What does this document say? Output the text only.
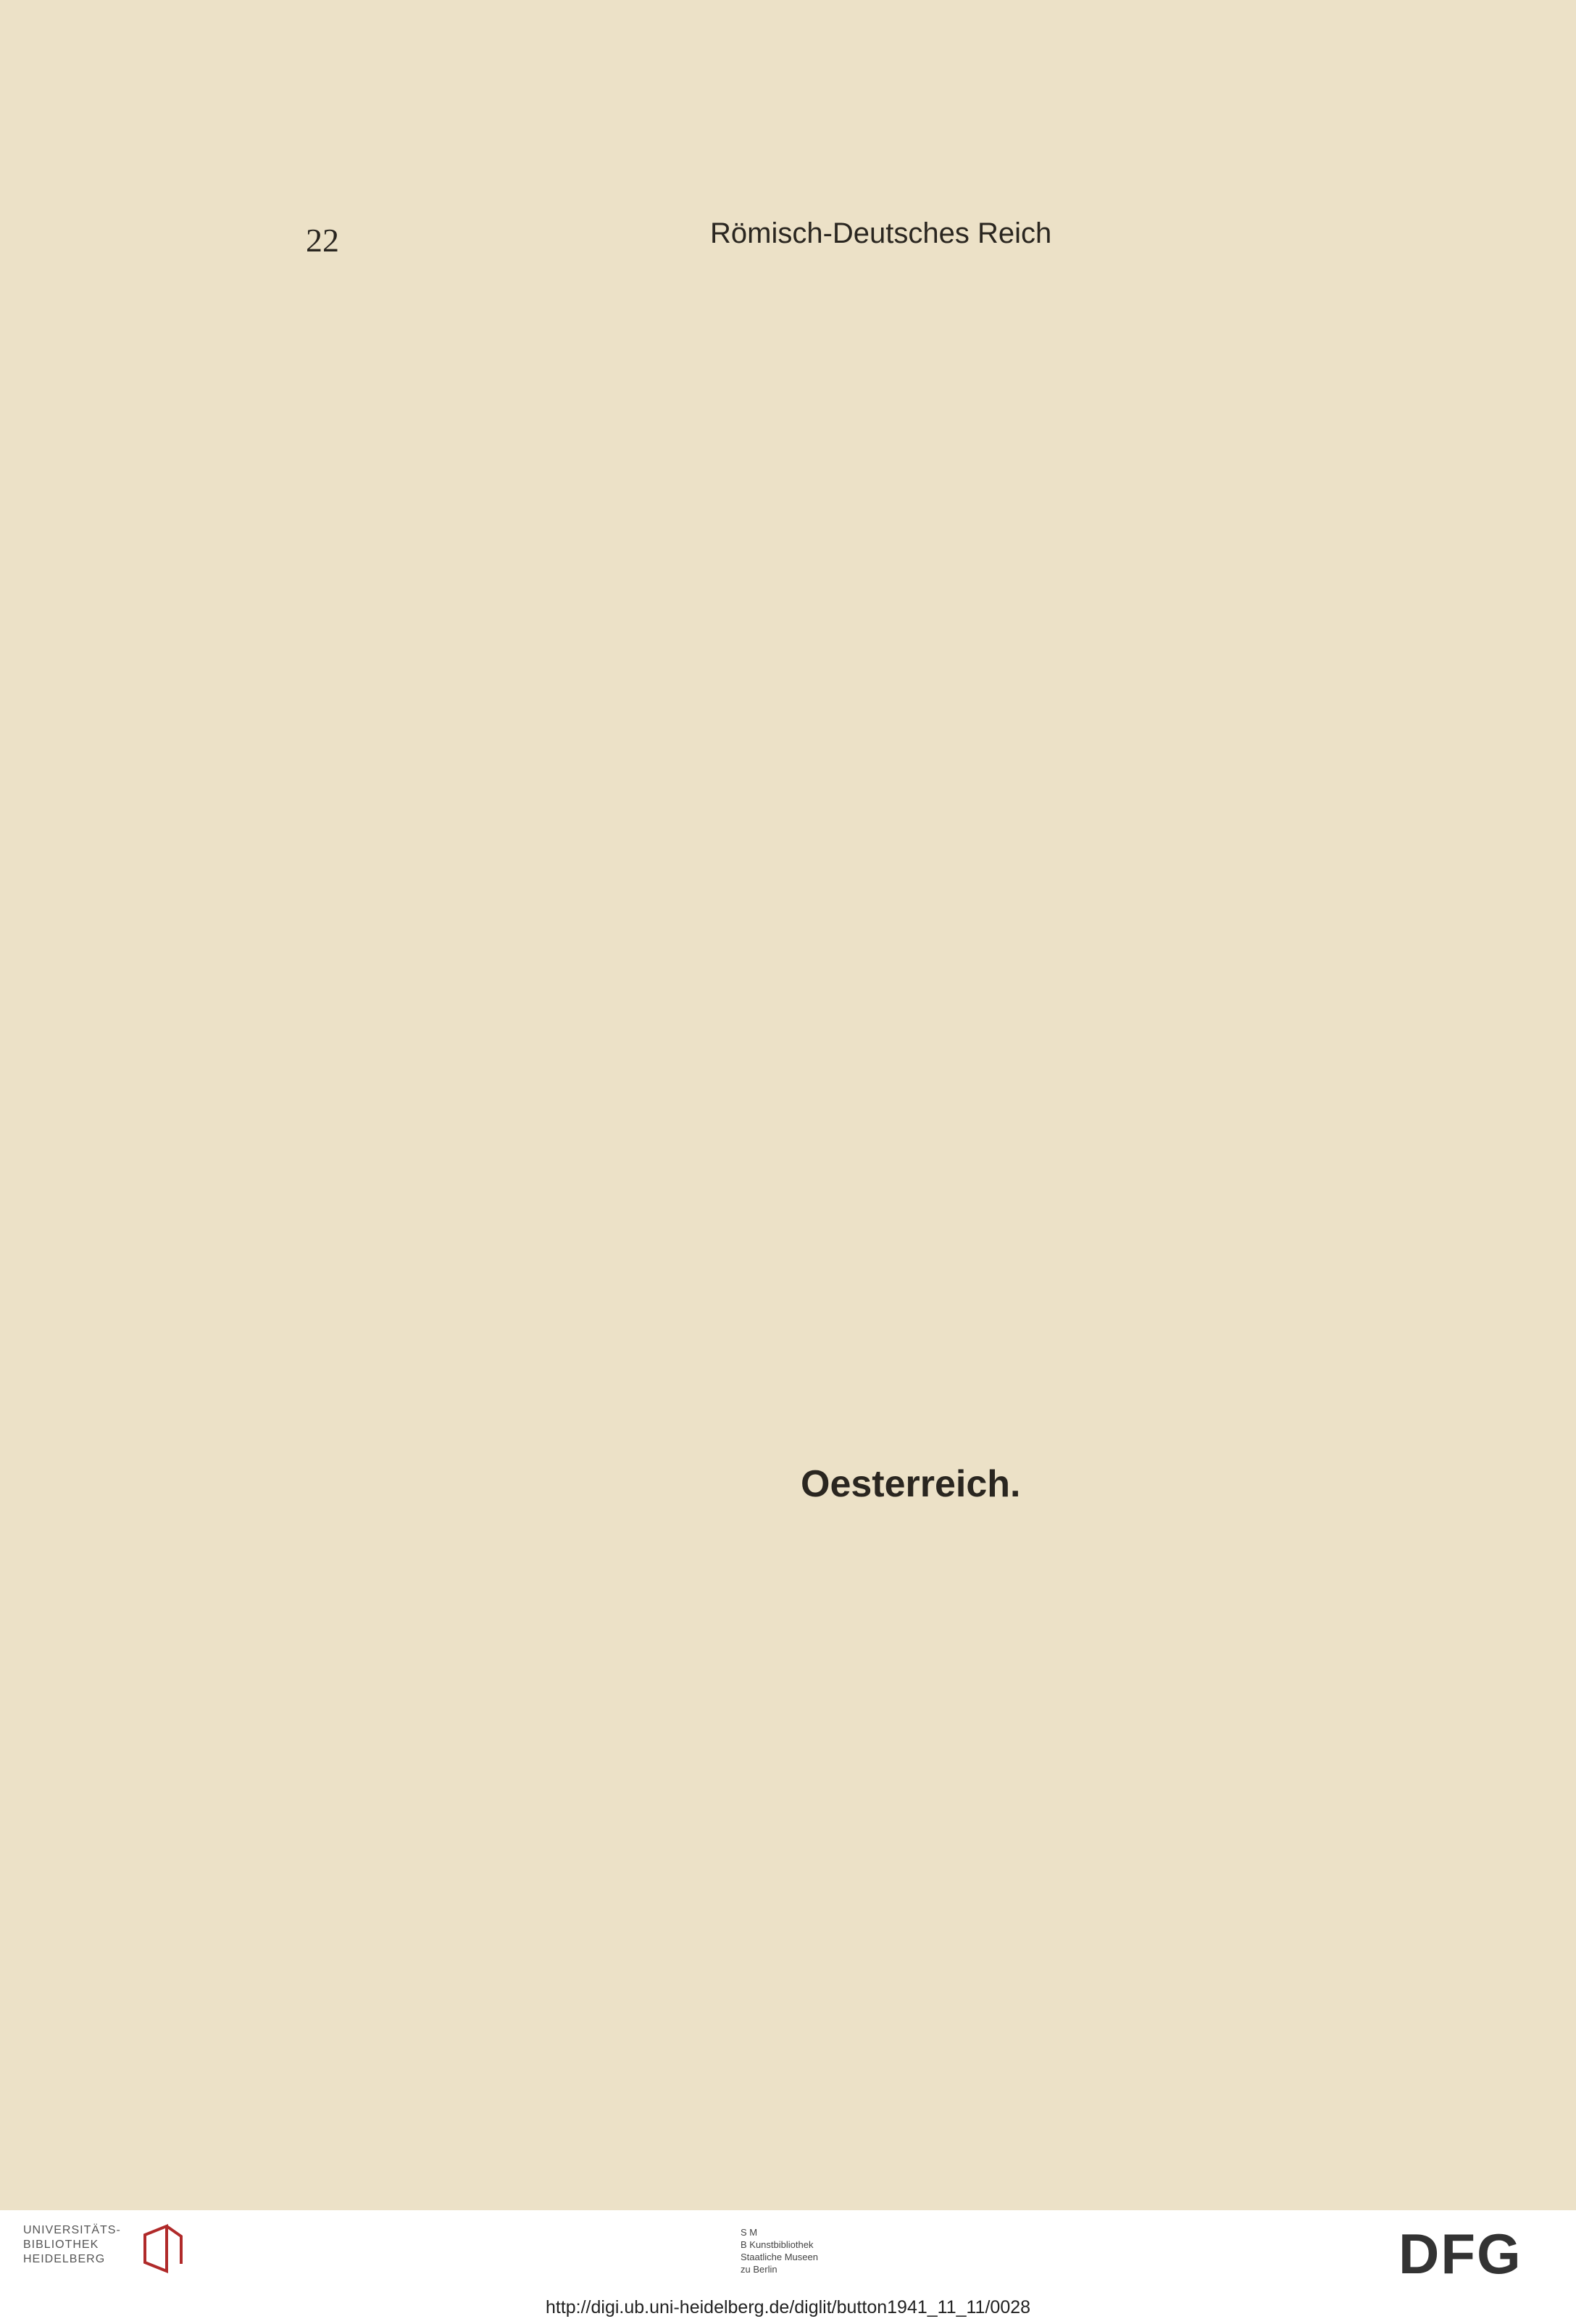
22	Römisch-Deutsches Reich
Oesterreich.
UNIVERSITÄTS-
BIBLIOTHEK
HEIDELBERG
S M
B Kunstbibliothek
Staatliche Museen
zu Berlin	DFG
http://digi.ub.uni-heidelberg.de/diglit/button1941_11_11/0028
